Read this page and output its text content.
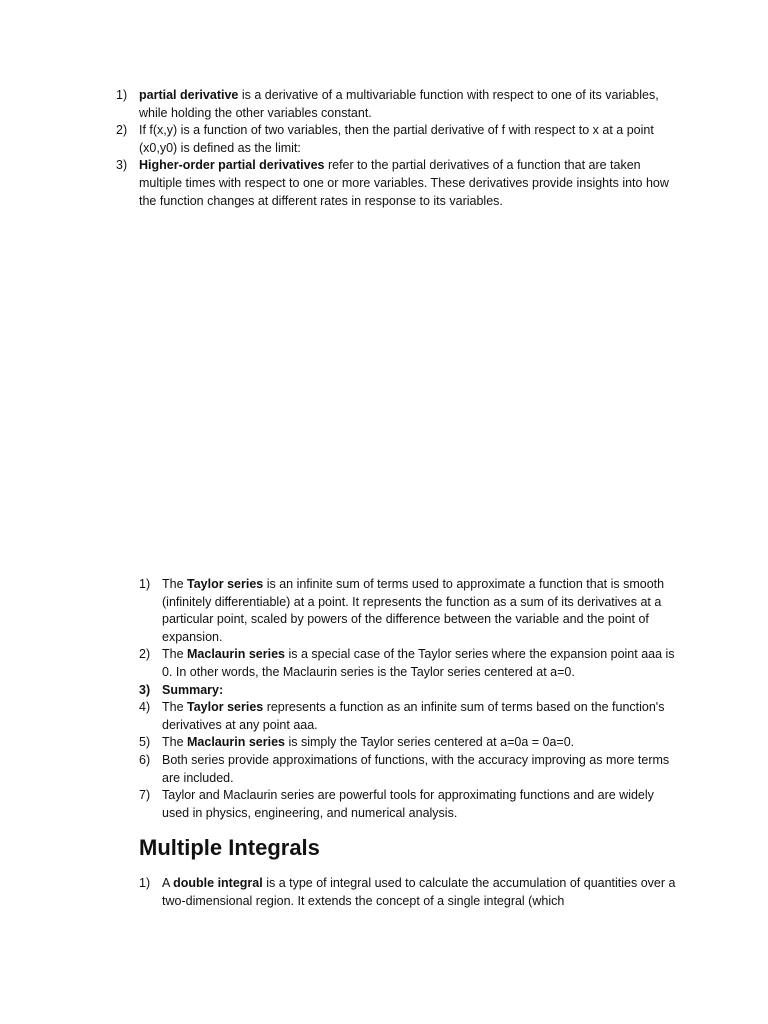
1) partial derivative is a derivative of a multivariable function with respect to one of its variables, while holding the other variables constant.
2) If f(x,y) is a function of two variables, then the partial derivative of f with respect to x at a point (x0,y0) is defined as the limit:
3) Higher-order partial derivatives refer to the partial derivatives of a function that are taken multiple times with respect to one or more variables. These derivatives provide insights into how the function changes at different rates in response to its variables.
1) The Taylor series is an infinite sum of terms used to approximate a function that is smooth (infinitely differentiable) at a point. It represents the function as a sum of its derivatives at a particular point, scaled by powers of the difference between the variable and the point of expansion.
2) The Maclaurin series is a special case of the Taylor series where the expansion point aaa is 0. In other words, the Maclaurin series is the Taylor series centered at a=0.
3) Summary:
4) The Taylor series represents a function as an infinite sum of terms based on the function's derivatives at any point aaa.
5) The Maclaurin series is simply the Taylor series centered at a=0a = 0a=0.
6) Both series provide approximations of functions, with the accuracy improving as more terms are included.
7) Taylor and Maclaurin series are powerful tools for approximating functions and are widely used in physics, engineering, and numerical analysis.
Multiple Integrals
1) A double integral is a type of integral used to calculate the accumulation of quantities over a two-dimensional region. It extends the concept of a single integral (which
